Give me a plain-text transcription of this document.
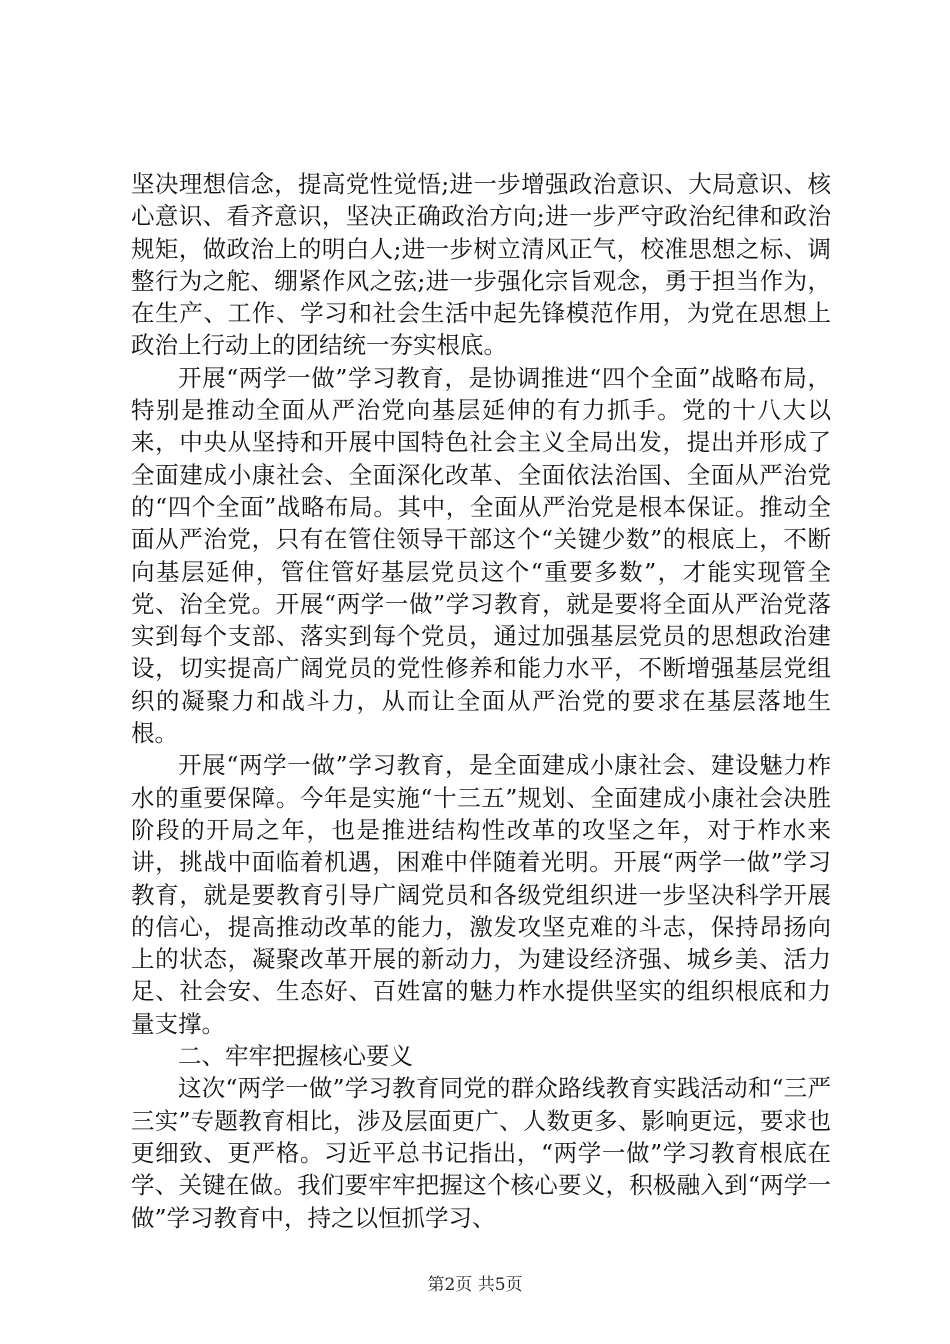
坚决理想信念，提高党性觉悟;进一步增强政治意识、大局意识、核心意识、看齐意识，坚决正确政治方向;进一步严守政治纪律和政治规矩，做政治上的明白人;进一步树立清风正气，校准思想之标、调整行为之舵、绷紧作风之弦;进一步强化宗旨观念，勇于担当作为，在生产、工作、学习和社会生活中起先锋模范作用，为党在思想上政治上行动上的团结统一夯实根底。

开展“两学一做”学习教育，是协调推进“四个全面”战略布局，特别是推动全面从严治党向基层延伸的有力抓手。党的十八大以来，中央从坚持和开展中国特色社会主义全局出发，提出并形成了全面建成小康社会、全面深化改革、全面依法治国、全面从严治党的“四个全面”战略布局。其中，全面从严治党是根本保证。推动全面从严治党，只有在管住领导干部这个“关键少数”的根底上，不断向基层延伸，管住管好基层党员这个“重要多数”，才能实现管全党、治全党。开展“两学一做”学习教育，就是要将全面从严治党落实到每个支部、落实到每个党员，通过加强基层党员的思想政治建设，切实提高广阔党员的党性修养和能力水平，不断增强基层党组织的凝聚力和战斗力，从而让全面从严治党的要求在基层落地生根。

开展“两学一做”学习教育，是全面建成小康社会、建设魅力柞水的重要保障。今年是实施“十三五”规划、全面建成小康社会决胜阶段的开局之年，也是推进结构性改革的攻坚之年，对于柞水来讲，挑战中面临着机遇，困难中伴随着光明。开展“两学一做”学习教育，就是要教育引导广阔党员和各级党组织进一步坚决科学开展的信心，提高推动改革的能力，激发攻坚克难的斗志，保持昂扬向上的状态，凝聚改革开展的新动力，为建设经济强、城乡美、活力足、社会安、生态好、百姓富的魅力柞水提供坚实的组织根底和力量支撑。

二、牢牢把握核心要义

这次“两学一做”学习教育同党的群众路线教育实践活动和“三严三实”专题教育相比，涉及层面更广、人数更多、影响更远，要求也更细致、更严格。习近平总书记指出，“两学一做”学习教育根底在学、关键在做。我们要牢牢把握这个核心要义，积极融入到“两学一做”学习教育中，持之以恒抓学习、

第2页 共5页
